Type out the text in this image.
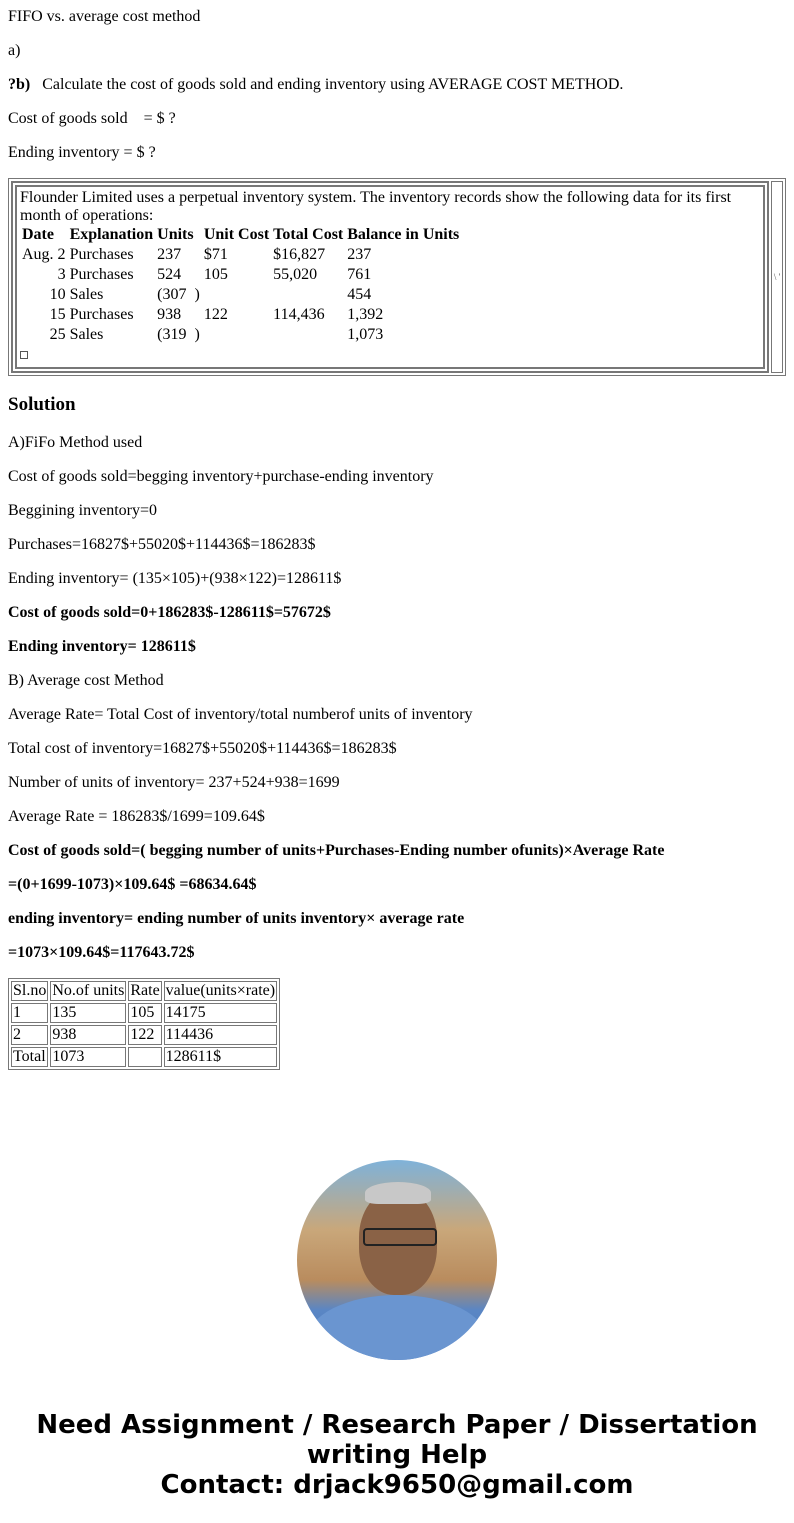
FIFO vs. average cost method

a)

?b) Calculate the cost of goods sold and ending inventory using AVERAGE COST METHOD.

Cost of goods sold    = $ ?

Ending inventory = $ ?

Flounder Limited uses a perpetual inventory system. The inventory records show the following data for its first month of operations:
Date	Explanation	Units	Unit Cost	Total Cost	Balance in Units
Aug. 2	Purchases	237	$71	$16,827	237
3	Purchases	524	105	55,020	761
10	Sales	(307  )			454
15	Purchases	938	122	114,436	1,392
25	Sales	(319  )			1,073
	\ '
Solution

A)FiFo Method used

Cost of goods sold=begging inventory+purchase-ending inventory

Beggining inventory=0

Purchases=16827$+55020$+114436$=186283$

Ending inventory= (135×105)+(938×122)=128611$

Cost of goods sold=0+186283$-128611$=57672$

Ending inventory= 128611$

B) Average cost Method

Average Rate= Total Cost of inventory/total numberof units of inventory

Total cost of inventory=16827$+55020$+114436$=186283$

Number of units of inventory= 237+524+938=1699

Average Rate = 186283$/1699=109.64$

Cost of goods sold=( begging number of units+Purchases-Ending number ofunits)×Average Rate

=(0+1699-1073)×109.64$ =68634.64$

ending inventory= ending number of units inventory× average rate

=1073×109.64$=117643.72$

Sl.no	No.of units	Rate	value(units×rate)
1	135	105	14175
2	938	122	114436
Total	1073		128611$
Need Assignment / Research Paper / Dissertation writing Help
Contact: drjack9650@gmail.com
